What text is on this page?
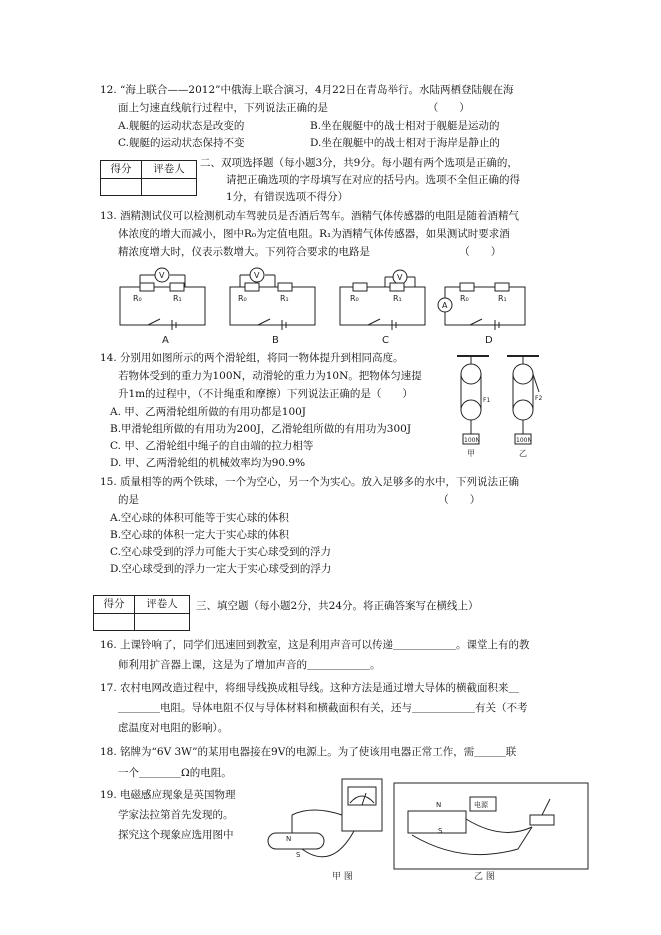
12. “海上联合——2012”中俄海上联合演习，4月22日在青岛举行。水陆两栖登陆舰在海
面上匀速直线航行过程中，下列说法正确的是　　　　　　　　　　（　　）
A.舰艇的运动状态是改变的	B.坐在舰艇中的战士相对于舰艇是运动的
C.舰艇的运动状态保持不变	D.坐在舰艇中的战士相对于海岸是静止的
得分	评卷人
	二、双项选择题（每小题3分，共9分。每小题有两个选项是正确的，
请把正确选项的字母填写在对应的括号内。选项不全但正确的得
1分，有错误选项不得分）
13. 酒精测试仪可以检测机动车驾驶员是否酒后驾车。酒精气体传感器的电阻是随着酒精气
体浓度的增大而减小，图中R₀为定值电阻。R₁为酒精气体传感器，如果测试时要求酒
精浓度增大时，仪表示数增大。下列符合要求的电路是　　　　　　　　　（　　）
V
R₀	R₁
V
R₀	R₁
V
R₀	R₁
A
R₀	R₁
A	B	C	D
14. 分别用如图所示的两个滑轮组，将同一物体提升到相同高度。
若物体受到的重力为100N，动滑轮的重力为10N。把物体匀速提
升1m的过程中，（不计绳重和摩擦）下列说法正确的是（　　）
A. 甲、乙两滑轮组所做的有用功都是100J
B.甲滑轮组所做的有用功为200J，乙滑轮组所做的有用功为300J
C. 甲、乙滑轮组中绳子的自由端的拉力相等
D. 甲、乙两滑轮组的机械效率均为90.9%
F1	F2
100N	100N
甲	乙
15. 质量相等的两个铁球，一个为空心，另一个为实心。放入足够多的水中，下列说法正确
的是　　　　　　　　　　　　　　　　　　　　　　　　　　　　　（　　）
A.空心球的体积可能等于实心球的体积
B.空心球的体积一定大于实心球的体积
C.空心球受到的浮力可能大于实心球受到的浮力
D.空心球受到的浮力一定大于实心球受到的浮力
得分	评卷人
	三、填空题（每小题2分，共24分。将正确答案写在横线上）
16. 上课铃响了，同学们迅速回到教室，这是利用声音可以传递＿＿＿＿＿＿。课堂上有的教
师利用扩音器上课，这是为了增加声音的＿＿＿＿＿＿。
17. 农村电网改造过程中，将细导线换成粗导线。这种方法是通过增大导体的横截面积来＿
＿＿＿＿电阻。导体电阻不仅与导体材料和横截面积有关，还与＿＿＿＿＿＿有关（不考
虑温度对电阻的影响）。
18. 铭牌为“6V 3W”的某用电器接在9V的电源上。为了使该用电器正常工作，需＿＿＿联
一个＿＿＿＿Ω的电阻。
19. 电磁感应现象是英国物理
学家法拉第首先发现的。
探究这个现象应选用图中	N
S
N
S
电源
甲 图	乙 图
